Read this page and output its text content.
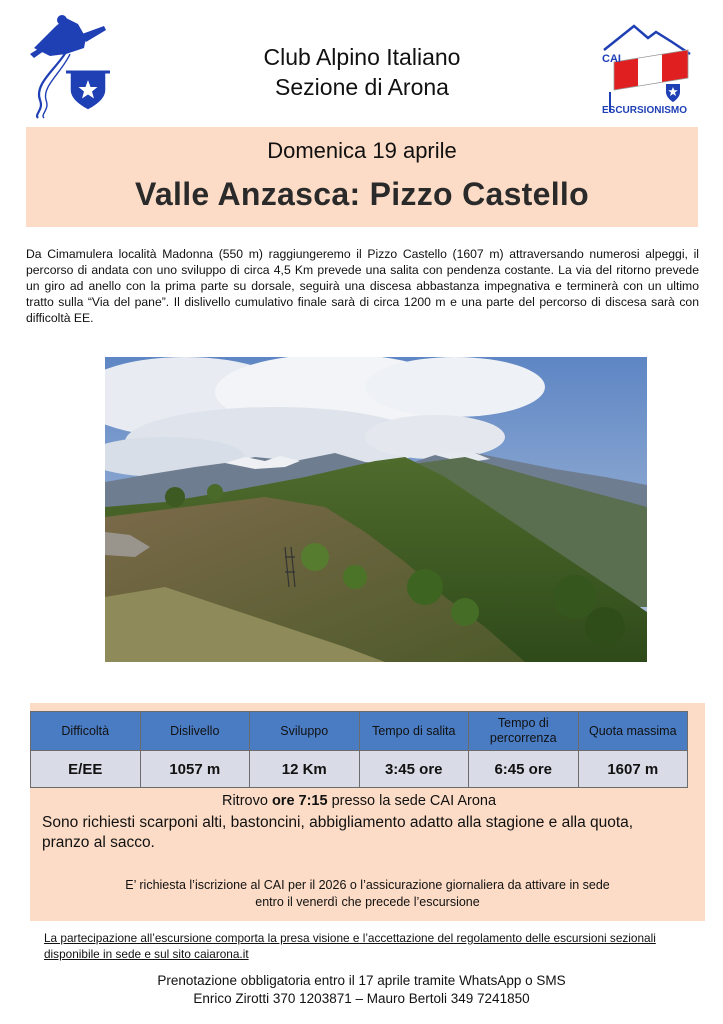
Club Alpino Italiano
Sezione di Arona
CAI
ESCURSIONISMO
Domenica 19 aprile
Valle Anzasca: Pizzo Castello
Da Cimamulera località Madonna (550 m) raggiungeremo il Pizzo Castello (1607 m) attraversando numerosi alpeggi, il percorso di andata con uno sviluppo di circa 4,5 Km prevede una salita con pendenza costante. La via del ritorno prevede un giro ad anello con la prima parte su dorsale, seguirà una discesa abbastanza impegnativa e terminerà con un ultimo tratto sulla “Via del pane”. Il dislivello cumulativo finale sarà di circa 1200 m e una parte del percorso di discesa sarà con difficoltà EE.
Difficoltà	Dislivello	Sviluppo	Tempo di salita	Tempo di percorrenza	Quota massima
E/EE	1057 m	12 Km	3:45 ore	6:45 ore	1607 m
Ritrovo ore 7:15 presso la sede CAI Arona
Sono richiesti scarponi alti, bastoncini, abbigliamento adatto alla stagione e alla quota, pranzo al sacco.
E’ richiesta l’iscrizione al CAI per il 2026 o l’assicurazione giornaliera da attivare in sede
entro il venerdì che precede l’escursione
La partecipazione all’escursione comporta la presa visione e l’accettazione del regolamento delle escursioni sezionali disponibile in sede e sul sito caiarona.it
Prenotazione obbligatoria entro il 17 aprile tramite WhatsApp o SMS
Enrico Zirotti 370 1203871 – Mauro Bertoli 349 7241850
